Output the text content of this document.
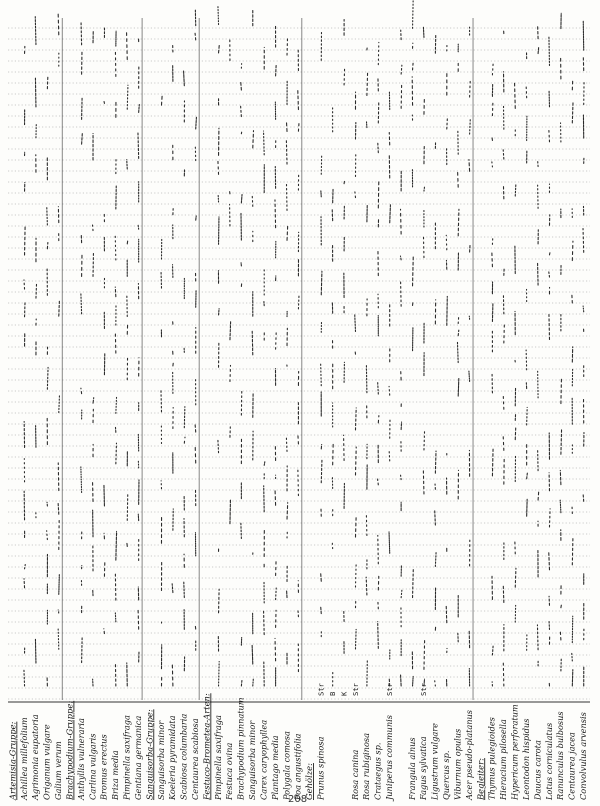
Artemisia-Gruppe: Achillea millefolium Agrimonia eupatoria Origanum vulgare Galium verum Brachypodium-Gruppe: Anthyllis vulneraria Carlina vulgaris Bromus erectus Briza media Pimpinella saxifraga Gentiana germanica Sanguisorba-Gruppe: Sanguisorba minor Koeleria pyramidata Scabiosa columbaria Centaurea scabiosa Festuco-Brometea-Arten: Pimpinella saxifraga Festuca ovina Brachypodium pinnatum Sanguisorba minor Carex caryophyllea Plantago media Polygala comosa Poa angustifolia Gehölze: Prunus spinosa
Str B K
Rosa canina
Str
Rosa rubiginosa Crataegus sp. Juniperus communis
Str
Frangula alnus Fagus sylvatica
Str
Ligustrum vulgare Quercus sp. Viburnum opulus Acer pseudo-platanus Begleiter: Thymus pulegioides Hieracium pilosella Hypericum perforatum Leontodon hispidus Daucus carota Lotus corniculatus Ranunculus bulbosus Centaurea jacea Convolvulus arvensis
208
